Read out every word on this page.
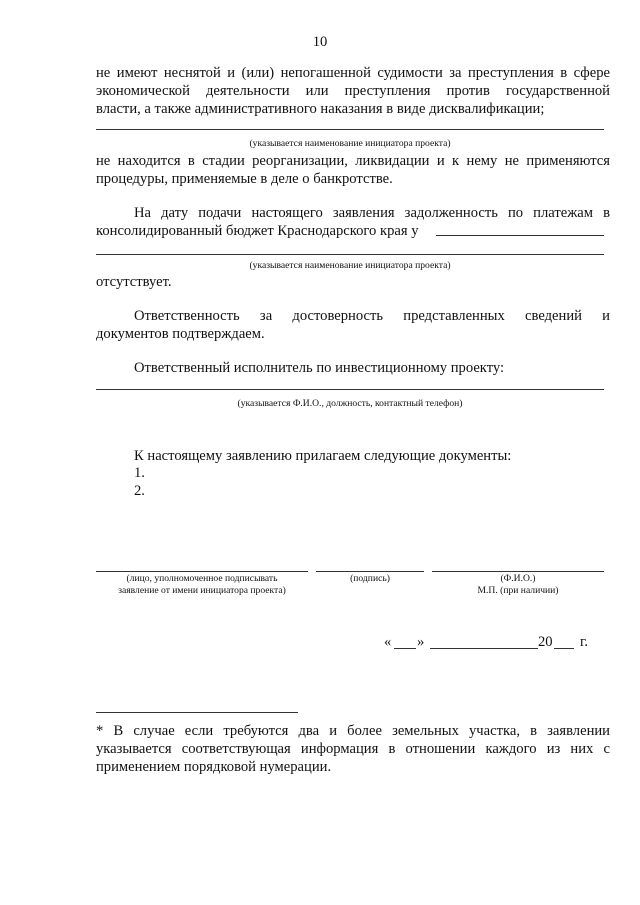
10
не имеют неснятой и (или) непогашенной судимости за преступления в сфере
экономической деятельности или преступления против государственной
власти, а также административного наказания в виде дисквалификации;
(указывается наименование инициатора проекта)
не находится в стадии реорганизации, ликвидации и к нему не применяются
процедуры, применяемые в деле о банкротстве.
На дату подачи настоящего заявления задолженность по платежам в
консолидированный бюджет Краснодарского края у
(указывается наименование инициатора проекта)
отсутствует.
Ответственность за достоверность представленных сведений и
документов подтверждаем.
Ответственный исполнитель по инвестиционному проекту:
(указывается Ф.И.О., должность, контактный телефон)
К настоящему заявлению прилагаем следующие документы:
1.
2.
(лицо, уполномоченное подписывать
заявление от имени инициатора проекта)
(подпись)	(Ф.И.О.)
М.П. (при наличии)
« »	20 г.
* В случае если требуются два и более земельных участка, в заявлении
указывается соответствующая информация в отношении каждого из них с
применением порядковой нумерации.
